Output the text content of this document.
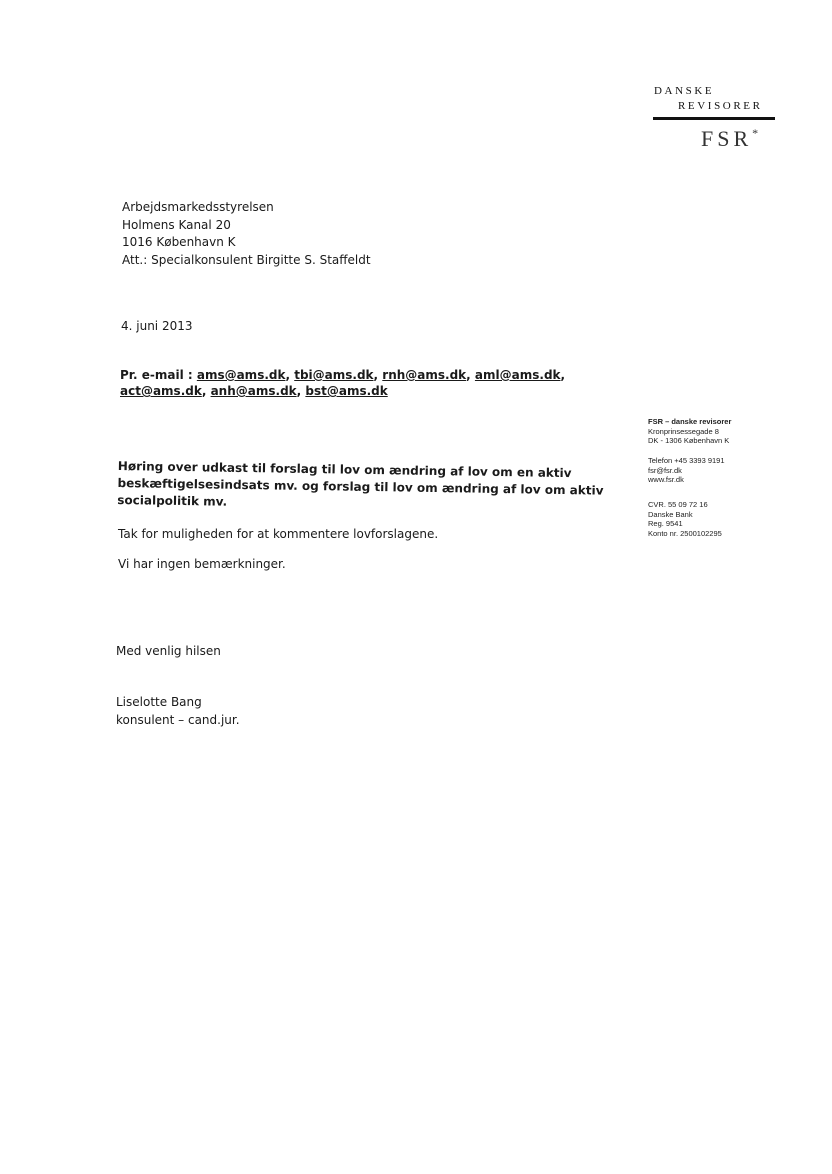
DANSKE
REVISORER
FSR*
Arbejdsmarkedsstyrelsen
Holmens Kanal 20
1016 København K
Att.: Specialkonsulent Birgitte S. Staffeldt
4. juni 2013
Pr. e-mail : ams@ams.dk, tbi@ams.dk, rnh@ams.dk, aml@ams.dk,
act@ams.dk, anh@ams.dk, bst@ams.dk
Høring over udkast til forslag til lov om ændring af lov om en aktiv beskæftigelsesindsats mv. og forslag til lov om ændring af lov om aktiv socialpolitik mv.
Tak for muligheden for at kommentere lovforslagene.
Vi har ingen bemærkninger.
Med venlig hilsen
Liselotte Bang
konsulent – cand.jur.
FSR – danske revisorer
Kronprinsessegade 8
DK - 1306 København K
Telefon +45 3393 9191
fsr@fsr.dk
www.fsr.dk
CVR. 55 09 72 16
Danske Bank
Reg. 9541
Konto nr. 2500102295
